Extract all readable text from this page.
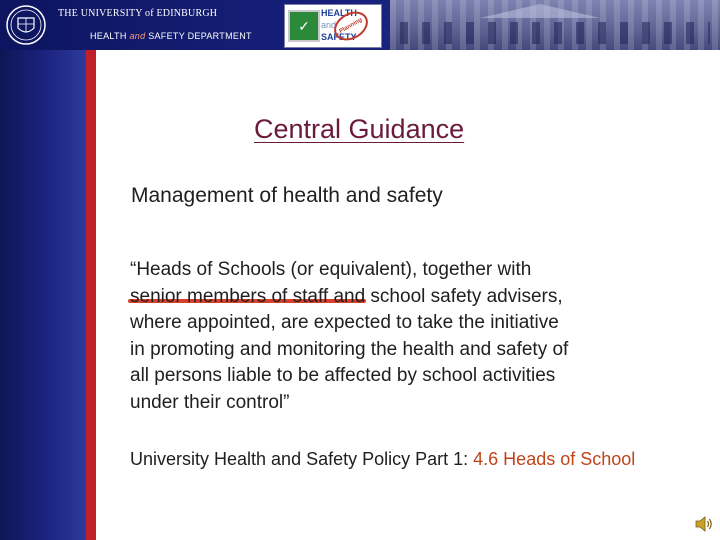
THE UNIVERSITY of EDINBURGH
HEALTH and SAFETY DEPARTMENT
✓
HEALTH
and
SAFETY
Planning
Central Guidance
Management of health and safety
“Heads of Schools (or equivalent), together with
senior members of staff and school safety advisers,
where appointed, are expected to take the initiative
in promoting and monitoring the health and safety of
all persons liable to be affected by school activities
under their control”
University Health and Safety Policy Part 1: 4.6 Heads of School
